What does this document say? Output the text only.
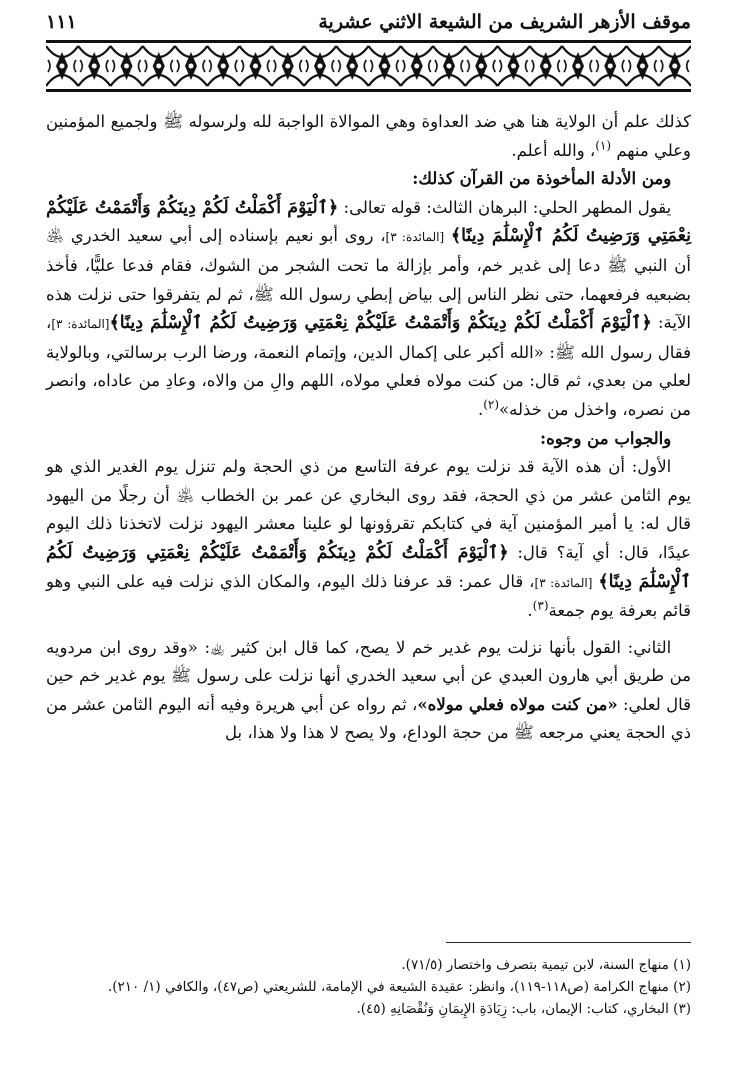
موقف الأزهر الشريف من الشيعة الاثني عشرية
١١١

كذلك علم أن الولاية هنا هي ضد العداوة وهي الموالاة الواجبة لله ولرسوله ﷺ ولجميع المؤمنين وعلي منهم $^{(١)}$، والله أعلم.

ومن الأدلة المأخوذة من القرآن كذلك:

يقول المطهر الحلي: البرهان الثالث: قوله تعالى: ﴿ٱلْيَوْمَ أَكْمَلْتُ لَكُمْ دِينَكُمْ وَأَتْمَمْتُ عَلَيْكُمْ نِعْمَتِي وَرَضِيتُ لَكُمُ ٱلْإِسْلَٰمَ دِينًا﴾ [المائدة: ٣]، روى أبو نعيم بإسناده إلى أبي سعيد الخدري ﵁ أن النبي ﷺ دعا إلى غدير خم، وأمر بإزالة ما تحت الشجر من الشوك، فقام فدعا عليًّا، فأخذ بضبعيه فرفعهما، حتى نظر الناس إلى بياض إبطي رسول الله ﷺ، ثم لم يتفرقوا حتى نزلت هذه الآية: ﴿ٱلْيَوْمَ أَكْمَلْتُ لَكُمْ دِينَكُمْ وَأَتْمَمْتُ عَلَيْكُمْ نِعْمَتِي وَرَضِيتُ لَكُمُ ٱلْإِسْلَٰمَ دِينًا﴾[المائدة: ٣]، فقال رسول الله ﷺ: «الله أكبر على إكمال الدين، وإتمام النعمة، ورضا الرب برسالتي، وبالولاية لعلي من بعدي، ثم قال: من كنت مولاه فعلي مولاه، اللهم والِ من والاه، وعادِ من عاداه، وانصر من نصره، واخذل من خذله»$^{(٢)}$.

والجواب من وجوه:

الأول: أن هذه الآية قد نزلت يوم عرفة التاسع من ذي الحجة ولم تنزل يوم الغدير الذي هو يوم الثامن عشر من ذي الحجة، فقد روى البخاري عن عمر بن الخطاب ﵁ أن رجلًا من اليهود قال له: يا أمير المؤمنين آية في كتابكم تقرؤونها لو علينا معشر اليهود نزلت لاتخذنا ذلك اليوم عيدًا، قال: أي آية؟ قال: ﴿ٱلْيَوْمَ أَكْمَلْتُ لَكُمْ دِينَكُمْ وَأَتْمَمْتُ عَلَيْكُمْ نِعْمَتِي وَرَضِيتُ لَكُمُ ٱلْإِسْلَٰمَ دِينًا﴾ [المائدة: ٣]، قال عمر: قد عرفنا ذلك اليوم، والمكان الذي نزلت فيه على النبي وهو قائم بعرفة يوم جمعة$^{(٣)}$.

الثاني: القول بأنها نزلت يوم غدير خم لا يصح، كما قال ابن كثير ﵀: «وقد روى ابن مردويه من طريق أبي هارون العبدي عن أبي سعيد الخدري أنها نزلت على رسول ﷺ يوم غدير خم حين قال لعلي: «من كنت مولاه فعلي مولاه»، ثم رواه عن أبي هريرة وفيه أنه اليوم الثامن عشر من ذي الحجة يعني مرجعه ﷺ من حجة الوداع، ولا يصح لا هذا ولا هذا، بل

(١) منهاج السنة، لابن تيمية بتصرف واختصار (٧١/٥).
(٢) منهاج الكرامة (ص١١٨-١١٩)، وانظر: عقيدة الشيعة في الإمامة، للشريعتي (ص٤٧)، والكافي (١/ ٢١٠).
(٣) البخاري، كتاب: الإيمان، باب: زِيَادَةِ الإِيمَانِ وَنُقْصَانِهِ (٤٥).
